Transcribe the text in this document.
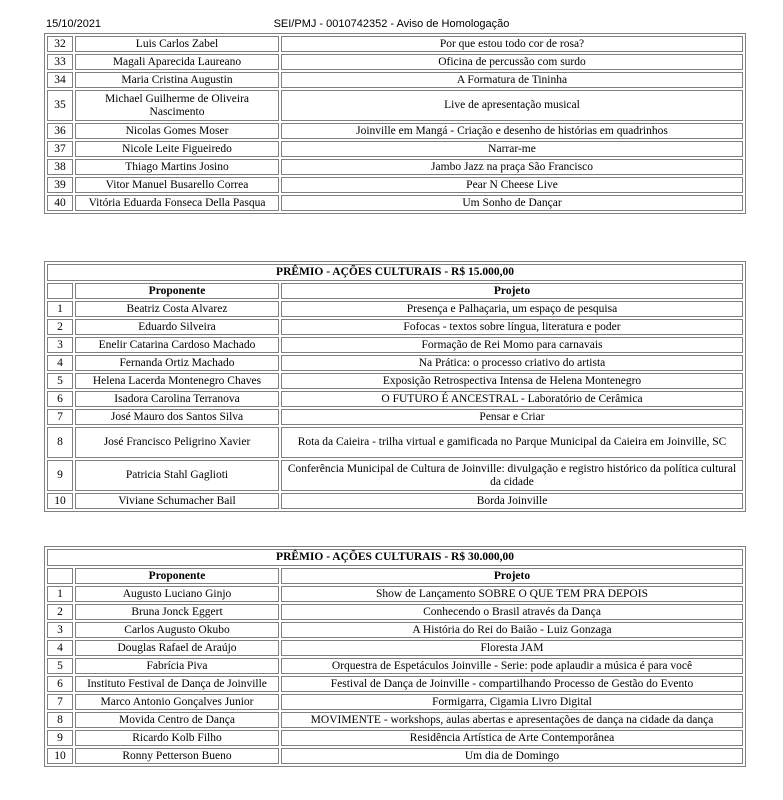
15/10/2021	SEI/PMJ - 0010742352 - Aviso de Homologação
32	Luis Carlos Zabel	Por que estou todo cor de rosa?
33	Magali Aparecida Laureano	Oficina de percussão com surdo
34	Maria Cristina Augustin	A Formatura de Tininha
35	Michael Guilherme de Oliveira Nascimento	Live de apresentação musical
36	Nicolas Gomes Moser	Joinville em Mangá - Criação e desenho de histórias em quadrinhos
37	Nicole Leite Figueiredo	Narrar-me
38	Thiago Martins Josino	Jambo Jazz na praça São Francisco
39	Vitor Manuel Busarello Correa	Pear N Cheese Live
40	Vitória Eduarda Fonseca Della Pasqua	Um Sonho de Dançar
PRÊMIO - AÇÕES CULTURAIS - R$ 15.000,00		
	Proponente	Projeto
1	Beatriz Costa Alvarez	Presença e Palhaçaria, um espaço de pesquisa
2	Eduardo Silveira	Fofocas - textos sobre língua, literatura e poder
3	Enelir Catarina Cardoso Machado	Formação de Rei Momo para carnavais
4	Fernanda Ortiz Machado	Na Prática: o processo criativo do artista
5	Helena Lacerda Montenegro Chaves	Exposição Retrospectiva Intensa de Helena Montenegro
6	Isadora Carolina Terranova	O FUTURO É ANCESTRAL - Laboratório de Cerâmica
7	José Mauro dos Santos Silva	Pensar e Criar
8	José Francisco Peligrino Xavier	Rota da Caieira - trilha virtual e gamificada no Parque Municipal da Caieira em Joinville, SC
9	Patricia Stahl Gaglioti	Conferência Municipal de Cultura de Joinville: divulgação e registro histórico da política cultural da cidade
10	Viviane Schumacher Bail	Borda Joinville
PRÊMIO - AÇÕES CULTURAIS - R$ 30.000,00		
	Proponente	Projeto
1	Augusto Luciano Ginjo	Show de Lançamento SOBRE O QUE TEM PRA DEPOIS
2	Bruna Jonck Eggert	Conhecendo o Brasil através da Dança
3	Carlos Augusto Okubo	A História do Rei do Baião - Luiz Gonzaga
4	Douglas Rafael de Araújo	Floresta JAM
5	Fabrícia Piva	Orquestra de Espetáculos Joinville - Serie: pode aplaudir a música é para você
6	Instituto Festival de Dança de Joinville	Festival de Dança de Joinville - compartilhando Processo de Gestão do Evento
7	Marco Antonio Gonçalves Junior	Formigarra, Cigamia Livro Digital
8	Movida Centro de Dança	MOVIMENTE - workshops, aulas abertas e apresentações de dança na cidade da dança
9	Ricardo Kolb Filho	Residência Artística de Arte Contemporânea
10	Ronny Petterson Bueno	Um dia de Domingo
